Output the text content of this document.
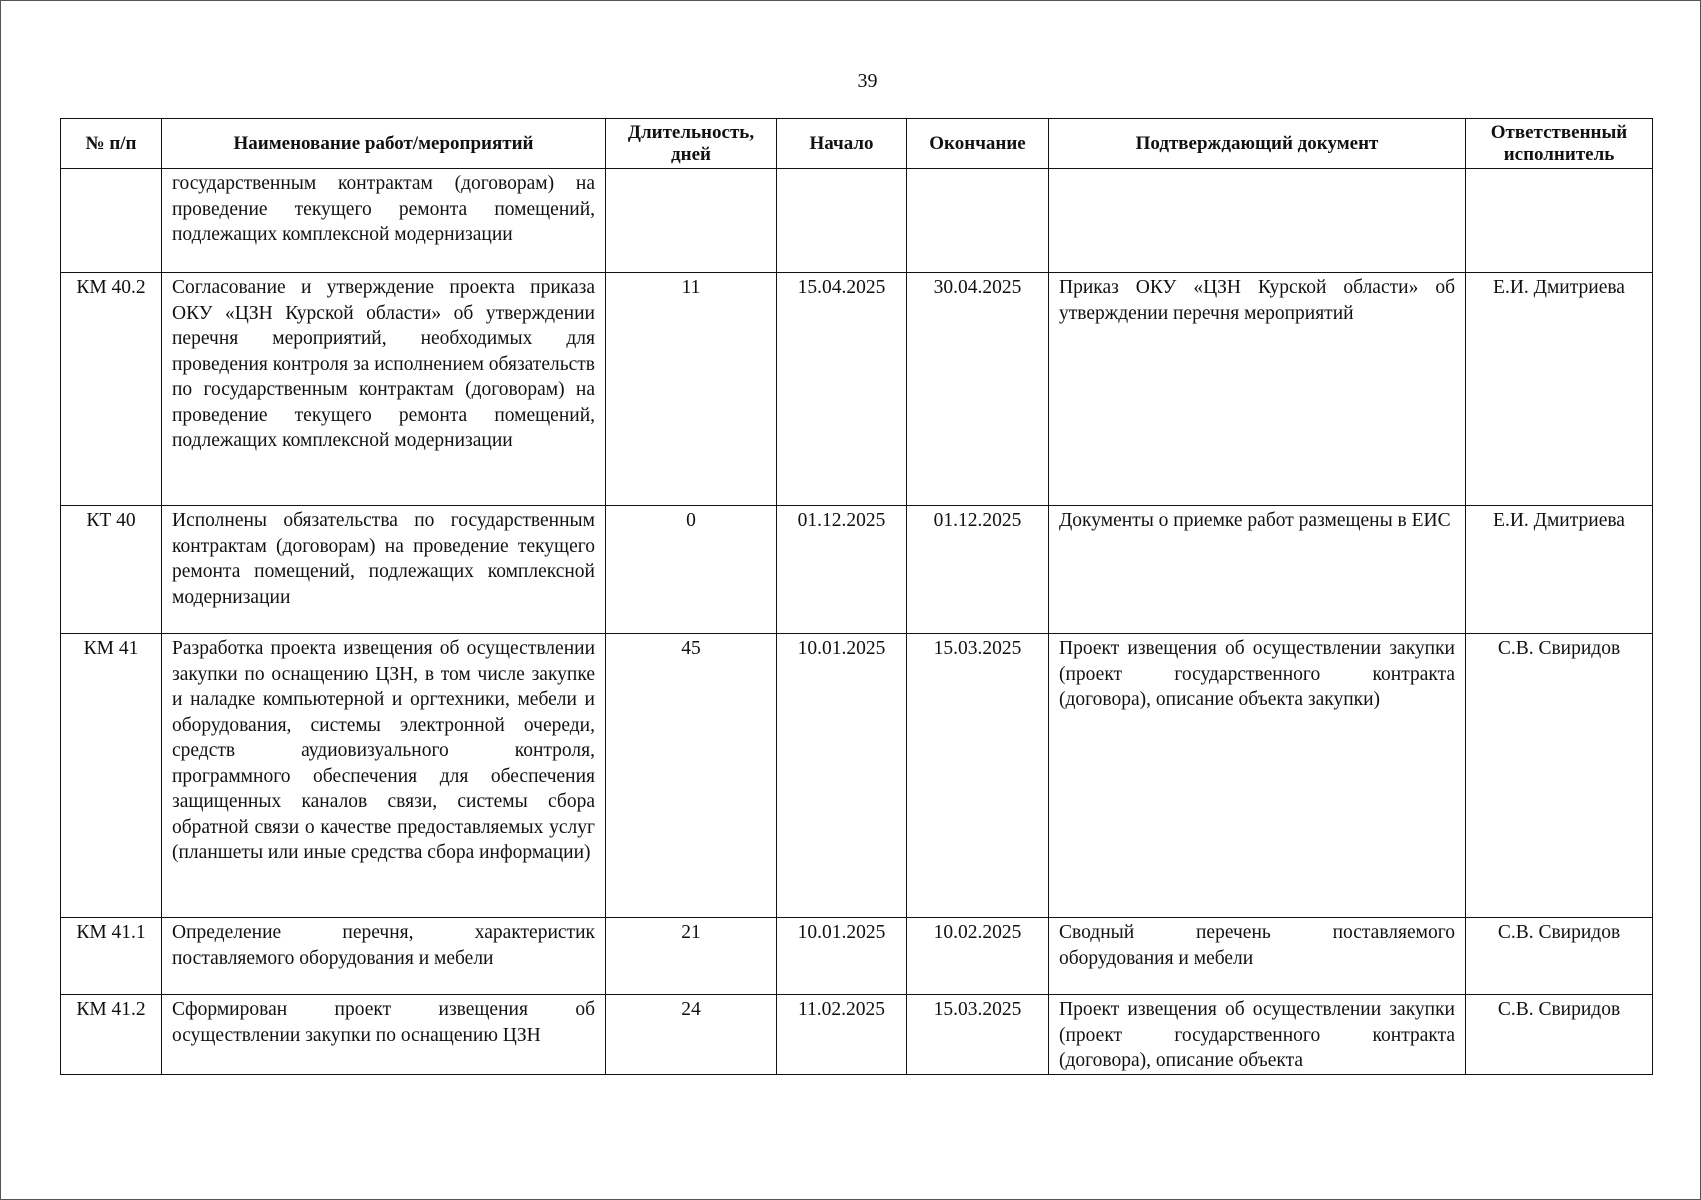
39
№ п/п	Наименование работ/мероприятий	Длительность, дней	Начало	Окончание	Подтверждающий документ	Ответственный исполнитель
	государственным контрактам (договорам) на проведение текущего ремонта помещений, подлежащих комплексной модернизации					
КМ 40.2	Согласование и утверждение проекта приказа ОКУ «ЦЗН Курской области» об утверждении перечня мероприятий, необходимых для проведения контроля за исполнением обязательств по государственным контрактам (договорам) на проведение текущего ремонта помещений, подлежащих комплексной модернизации	11	15.04.2025	30.04.2025	Приказ ОКУ «ЦЗН Курской области» об утверждении перечня мероприятий	Е.И. Дмитриева
КТ 40	Исполнены обязательства по государственным контрактам (договорам) на проведение текущего ремонта помещений, подлежащих комплексной модернизации	0	01.12.2025	01.12.2025	Документы о приемке работ размещены в ЕИС	Е.И. Дмитриева
КМ 41	Разработка проекта извещения об осуществлении закупки по оснащению ЦЗН, в том числе закупке и наладке компьютерной и оргтехники, мебели и оборудования, системы электронной очереди, средств аудиовизуального контроля, программного обеспечения для обеспечения защищенных каналов связи, системы сбора обратной связи о качестве предоставляемых услуг (планшеты или иные средства сбора информации)	45	10.01.2025	15.03.2025	Проект извещения об осуществлении закупки (проект государственного контракта (договора), описание объекта закупки)	С.В. Свиридов
КМ 41.1	Определение перечня, характеристик поставляемого оборудования и мебели	21	10.01.2025	10.02.2025	Сводный перечень поставляемого оборудования и мебели	С.В. Свиридов
КМ 41.2	Сформирован проект извещения об осуществлении закупки по оснащению ЦЗН	24	11.02.2025	15.03.2025	Проект извещения об осуществлении закупки (проект государственного контракта (договора), описание объекта	С.В. Свиридов
